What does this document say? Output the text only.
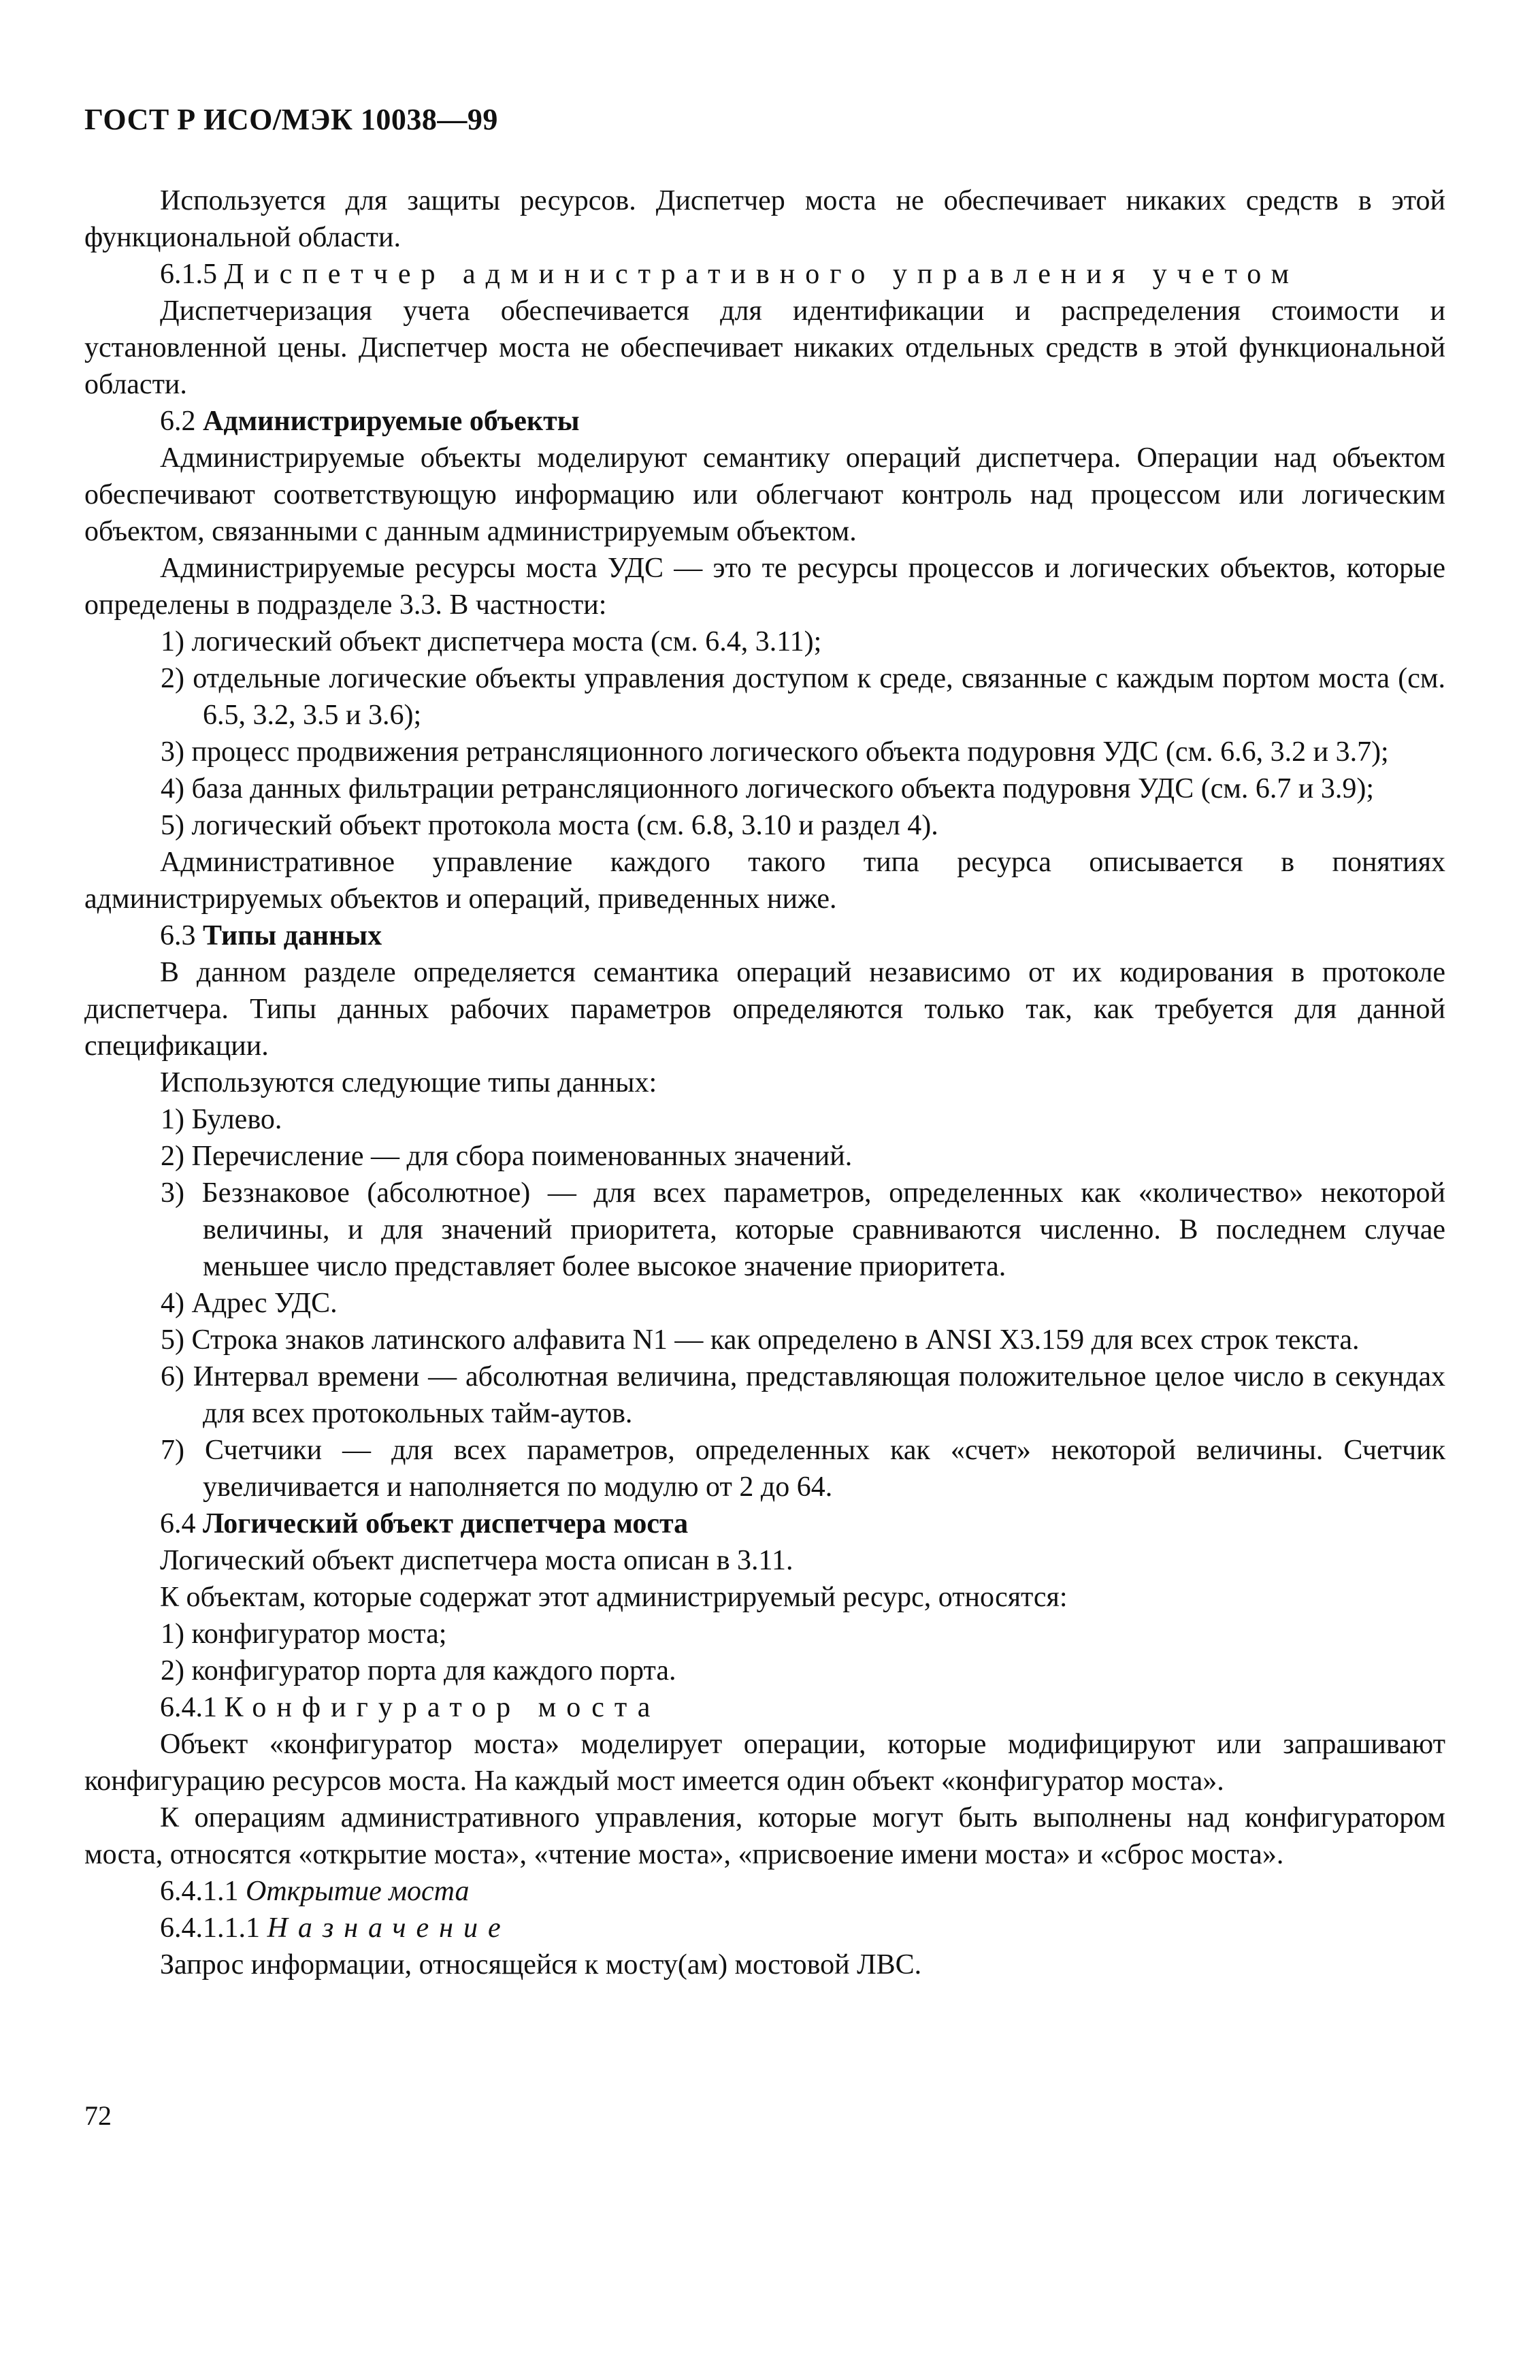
ГОСТ Р ИСО/МЭК 10038—99

Используется для защиты ресурсов. Диспетчер моста не обеспечивает никаких средств в этой функциональной области.

6.1.5 Диспетчер административного управления учетом

Диспетчеризация учета обеспечивается для идентификации и распределения стоимости и установленной цены. Диспетчер моста не обеспечивает никаких отдельных средств в этой функциональной области.

6.2 Администрируемые объекты

Администрируемые объекты моделируют семантику операций диспетчера. Операции над объектом обеспечивают соответствующую информацию или облегчают контроль над процессом или логическим объектом, связанными с данным администрируемым объектом.

Администрируемые ресурсы моста УДС — это те ресурсы процессов и логических объектов, которые определены в подразделе 3.3. В частности:

1) логический объект диспетчера моста (см. 6.4, 3.11);

2) отдельные логические объекты управления доступом к среде, связанные с каждым портом моста (см. 6.5, 3.2, 3.5 и 3.6);

3) процесс продвижения ретрансляционного логического объекта подуровня УДС (см. 6.6, 3.2 и 3.7);

4) база данных фильтрации ретрансляционного логического объекта подуровня УДС (см. 6.7 и 3.9);

5) логический объект протокола моста (см. 6.8, 3.10 и раздел 4).

Административное управление каждого такого типа ресурса описывается в понятиях администрируемых объектов и операций, приведенных ниже.

6.3 Типы данных

В данном разделе определяется семантика операций независимо от их кодирования в протоколе диспетчера. Типы данных рабочих параметров определяются только так, как требуется для данной спецификации.

Используются следующие типы данных:

1) Булево.

2) Перечисление — для сбора поименованных значений.

3) Беззнаковое (абсолютное) — для всех параметров, определенных как «количество» некоторой величины, и для значений приоритета, которые сравниваются численно. В последнем случае меньшее число представляет более высокое значение приоритета.

4) Адрес УДС.

5) Строка знаков латинского алфавита N1 — как определено в ANSI X3.159 для всех строк текста.

6) Интервал времени — абсолютная величина, представляющая положительное целое число в секундах для всех протокольных тайм-аутов.

7) Счетчики — для всех параметров, определенных как «счет» некоторой величины. Счетчик увеличивается и наполняется по модулю от 2 до 64.

6.4 Логический объект диспетчера моста

Логический объект диспетчера моста описан в 3.11.

К объектам, которые содержат этот администрируемый ресурс, относятся:

1) конфигуратор моста;

2) конфигуратор порта для каждого порта.

6.4.1 Конфигуратор моста

Объект «конфигуратор моста» моделирует операции, которые модифицируют или запрашивают конфигурацию ресурсов моста. На каждый мост имеется один объект «конфигуратор моста».

К операциям административного управления, которые могут быть выполнены над конфигуратором моста, относятся «открытие моста», «чтение моста», «присвоение имени моста» и «сброс моста».

6.4.1.1 Открытие моста

6.4.1.1.1 Назначение

Запрос информации, относящейся к мосту(ам) мостовой ЛВС.

72
